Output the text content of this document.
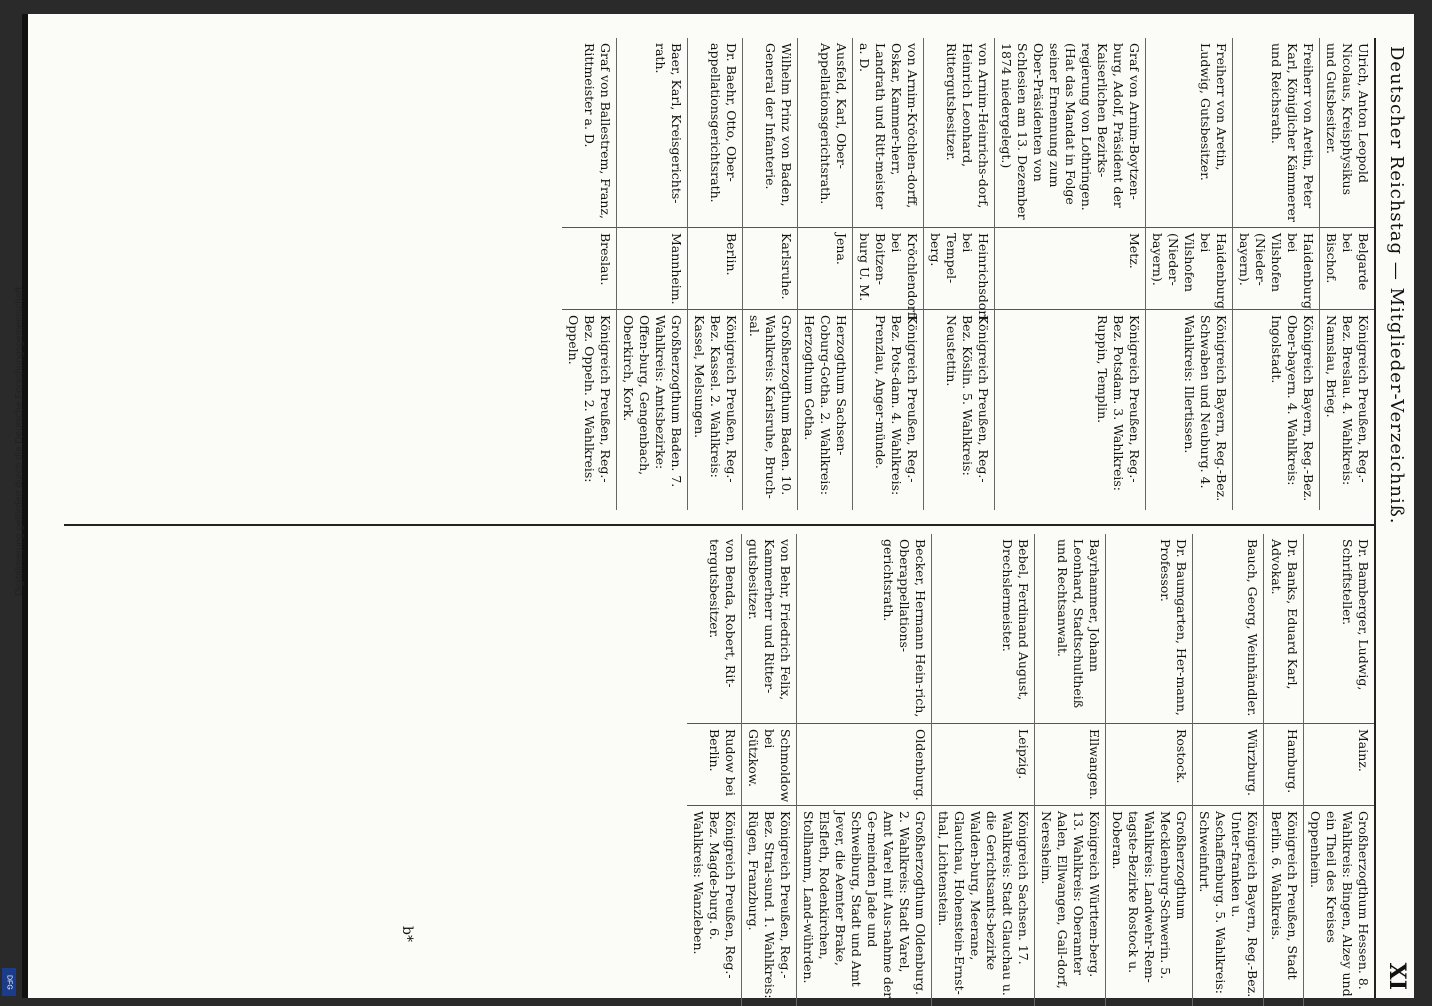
Deutscher Reichstag — Mitglieder-Verzeichniß.
XI
Ulrich, Anton Leopold Nicolaus, Kreisphysikus und Gutsbesitzer.
Belgarde bei Bischof.
Königreich Preußen, Reg.-Bez. Breslau. 4. Wahlkreis: Namslau, Brieg.
Freiherr von Aretin, Peter Karl, Königlicher Kämmerer und Reichsrath.
Haidenburg bei Vilshofen (Nieder-bayern).
Königreich Bayern, Reg.-Bez. Ober-bayern. 4. Wahlkreis: Ingolstadt.
Freiherr von Aretin, Ludwig, Gutsbesitzer.
Haidenburg bei Vilshofen (Nieder-bayern).
Königreich Bayern, Reg.-Bez. Schwaben und Neuburg. 4. Wahlkreis: Illertissen.
Graf von Arnim-Boytzen-burg, Adolf, Präsident der Kaiserlichen Bezirks-regierung von Lothringen. (Hat das Mandat in Folge seiner Ernennung zum Ober-Präsidenten von Schlesien am 13. Dezember 1874 niedergelegt.)
Metz.
Königreich Preußen, Reg.-Bez. Potsdam. 3. Wahlkreis: Ruppin, Templin.
von Arnim-Heinrichs-dorf, Heinrich Leonhard, Rittergutsbesitzer.
Heinrichsdorf bei Tempel-berg.
Königreich Preußen, Reg.-Bez. Köslin. 5. Wahlkreis: Neustettin.
von Arnim-Kröchlen-dorff, Oskar, Kammer-herr, Landrath und Ritt-meister a. D.
Kröchlendorff bei Boitzen-burg U. M.
Königreich Preußen, Reg.-Bez. Pots-dam. 4. Wahlkreis: Prenzlau, Anger-münde.
Ausfeld, Karl, Ober-Appellationsgerichtsrath.
Jena.
Herzogthum Sachsen-Coburg-Gotha. 2. Wahlkreis: Herzogthum Gotha.
Wilhelm Prinz von Baden, General der Infanterie.
Karlsruhe.
Großherzogthum Baden. 10. Wahlkreis: Karlsruhe, Bruch-sal.
Dr. Baehr, Otto, Ober-appellationsgerichtsrath.
Berlin.
Königreich Preußen, Reg.-Bez. Kassel. 2. Wahlkreis: Kassel, Melsungen.
Baer, Karl, Kreisgerichts-rath.
Mannheim.
Großherzogthum Baden. 7. Wahlkreis: Amtsbezirke: Offen-burg, Gengenbach, Oberkirch, Kork.
Graf von Ballestrem, Franz, Rittmeister a. D.
Breslau.
Königreich Preußen, Reg.-Bez. Oppeln. 2. Wahlkreis: Oppeln.
Dr. Bamberger, Ludwig, Schriftsteller.
Mainz.
Großherzogthum Hessen. 8. Wahlkreis: Bingen, Alzey und ein Theil des Kreises Oppenheim.
Dr. Banks, Eduard Karl, Advokat.
Hamburg.
Königreich Preußen, Stadt Berlin. 6. Wahlkreis.
Bauch, Georg, Weinhändler.
Würzburg.
Königreich Bayern, Reg.-Bez. Unter-franken u. Aschaffenburg. 5. Wahlkreis: Schweinfurt.
Dr. Baumgarten, Her-mann, Professor.
Rostock.
Großherzogthum Mecklenburg-Schwerin. 5. Wahlkreis: Landwehr-Rem-tagste-Bezirke Rostock u. Doberan.
Bayrhammer, Johann Leonhard, Stadtschultheiß und Rechtsanwalt.
Ellwangen.
Königreich Württem-berg. 13. Wahlkreis: Oberamter Aalen, Ellwangen, Gail-dorf, Neresheim.
Bebel, Ferdinand August, Drechslermeister.
Leipzig.
Königreich Sachsen. 17. Wahlkreis: Stadt Glauchau u. die Gerichtsamts-bezirke Walden-burg, Meerane, Glauchau, Hohenstein-Ernst-thal, Lichtenstein.
Becker, Hermann Hein-rich, Oberappellations-gerichtsrath.
Oldenburg.
Großherzogthum Oldenburg. 2. Wahlkreis: Stadt Varel, Amt Varel mit Aus-nahme der Ge-meinden Jade und Schweiburg, Stadt und Amt Jever, die Aemter Brake, Elsfleth, Rodenkirchen, Stollhamm, Land-wührden.
von Behr, Friedrich Felix, Kammerherr und Ritter-gutsbesitzer.
Schmoldow bei Gützkow.
Königreich Preußen, Reg.-Bez. Stral-sund. 1. Wahlkreis: Rügen, Franzburg.
von Benda, Robert, Rit-tergutsbesitzer.
Rudow bei Berlin.
Königreich Preußen, Reg.-Bez. Magde-burg. 6. Wahlkreis: Wanzleben.
b*
Digitalisierung gefördert durch die Deutsche Forschungsgemeinschaft
DFG
